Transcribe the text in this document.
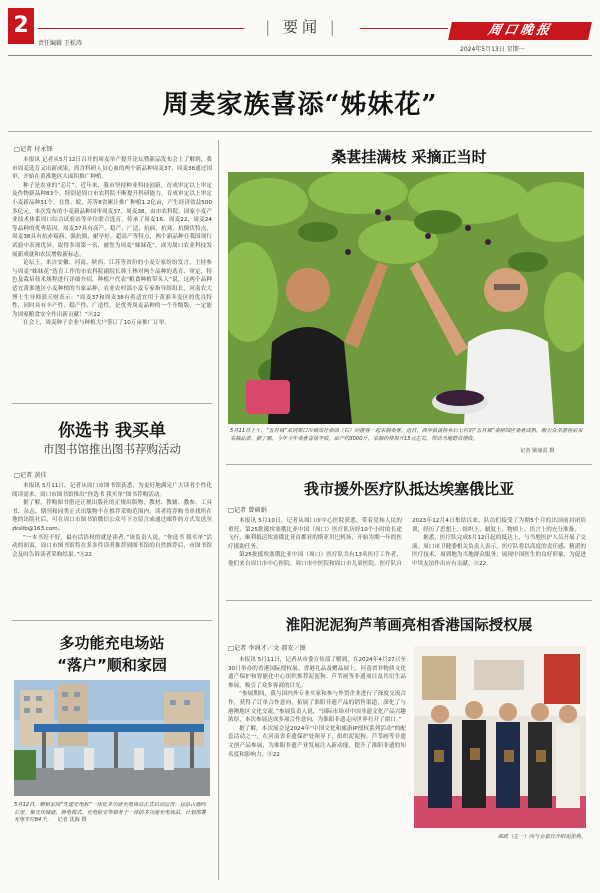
2
责任编辑 王松涛
| 要闻 |	周口晚报
2024年5月13日 星期一
周麦家族喜添“姊妹花”
□记者 付永锋

本报讯 记者从5月12日召开的周麦单产提升论坛暨新品发布会上了解到，我市周麦选育又出新成果，尚含科研人员心血的两个新品种周麦37、周麦38通过国审，开始在黄淮地区大面积推广种植。

种子是农业的“芯片”。近年来，我市坚持种业科技创新，育成审定以上审定及作物新品种83个，特别是周口市农科院不断提升科研能力，育成审定以上审定小麦新品种31个，在鲁、皖、苏等8省累计推广种植1.2亿亩，产生经济效益500多亿元。本次发布的小麦新品种国审周麦37、周麦38，由市农科院、国家小麦产业技术体系周口综合试验站等单位联合选育，传承了周麦16、周麦22、周麦24等品种的优秀基因。周麦37具有高产、稳产、广适、抗病、抗寒、抗倒伏特点，周麦38具有抗赤霉病、强抗倒、耐旱好、超高产等特点，两个新品种在我国现行试验中表现优异，取得多项第一名，被誉为周麦“姊妹花”，成为周口农业科技发展新成就和农民增收新标志。

论坛上，来自安徽、河南、陕西、江苏等省份的小麦专家纷纷发言，主持参与周麦“姊妹花”选育工作的市农科院副院长韩王林对两个品种的选育、审定、特色及栽培技术规程进行详细介绍，种植户代表“粮食种植带头人”说，这两个品种适宜黄淮地区小麦种植的当家品种，农业农村部小麦专家指导组组长、河南农大博士生导师郭天财表示：“周麦37和周麦38有着适宜用于黄淮冬麦区的优良特性，同时具有丰产性、稳产性、广适性，是优秀周麦品种的一个升级版，一定能为国家粮食安全作出新贡献！”Ⓢ22

在会上，周麦种子企业与种植大户签订了10万亩推广订单。

你选书 我买单
市图书馆推出图书荐购活动
□记者 黄佳

本报讯 5月11日，记者从周口市图书馆获悉，为更好地满足广大读者个性化阅读需求，周口市图书馆推出“你选书 我买单”图书荐购活动。

据了解，荐购图书借还正规出版社的正规出版物，教材、教辅、教参、工具书、杂志、期刊和同类正式出版物不在推荐采购范围内。读者将荐购书单找所在地的出版社后，可在周口市图书馆微信公众号下方留言或通过邮件的方式发送至zkslib@163.com。

“一本书好不好，最有话语权的就是读者。”该负责人说，“你选书 我买单”活动的初衷，周口市图书馆将在多多件读者推荐到图书馆的自然推荐后，市图书馆会及时告诉读者采购结果。”Ⓢ22

多功能充电场站
“落户”顺和家园
5月12日，顺和家园“先建充电桩”一体化多功能充电场站正式启动运营。这站占地约公里，集光伏储能、换电模式、充电桩安等服务于一体的多功能充电场站，计划部署充电车位84个。 记者 沈海 摄
桑葚挂满枝 采摘正当时
5月11日上午，“五月城”来到周口市城郊社桑园（右）向游客一起采摘桑葚。近日，西华县黄桥乡后七村的“五月城”桑树园区桑葚成熟，吸引众多游客前来采摘品尝。据了解，今年今年桑葚喜获丰收，亩产约3000斤，采摘价格每斤15元左右，带动当地群众增收。
记者 梁丽雷 摄
我市援外医疗队抵达埃塞俄比亚
□记者 曾硕娟

本报讯 5月10日，记者从周口市中心医院获悉，带着党和人民的重托，第25批援埃塞俄比亚中国（周口）医疗队历经10个小时的长途飞行，顺利抵达埃塞俄比亚首都亚的斯亚贝巴机场，开始为期一年的医疗援助任务。

第25批援埃塞俄比亚中国（周口）医疗队共有13名医疗工作者，他们来自周口市中心医院、周口市中医院和周口市儿童医院。医疗队自2023年12月4日集结以来，队员们接受了为期5个月的出国前封闭培训，经历了思想上、组织上、制度上、物质上、语言上的充分准备。

据悉，医疗队完成5月12日起的抵达上，与当地医护人员开展了交流。周口市卫健委相关负责人表示，医疗队将以高度的责任感、精湛的医疗技术，周到地为当地群众服务，展现中国医生的良好形象，为促进中埃友谊作出应有贡献。Ⓢ22

淮阳泥泥狗芦苇画亮相香港国际授权展
□记者 李润才／文 郝安／图

本报讯 5月11日，记者从市委宣传部了解到，在2024年4月27日至30日举办的香港国际授权展、香港礼品及赠品展上，河南省非物质文化遗产保护和智能化中心组织推荐泥泥狗、芦苇画等非遗项目及其衍生品参展，吸引了众多客商的目光。

“参展期间，我与国内外专业买家和参与外贸企业进行了深度交流合作，获得了订单合作意向，拓展了淮阳非遗产品的销售渠道，深化了与港澳地区文化交流。”参展负责人说，“国际市场对中国非遗文化产品兴趣浓厚，本次参展达成多项合作意向，为淮阳非遗走向世界打开了窗口。”

据了解，本次展会是2024年“中国文化和旅游IP授权系列活动”的配套活动之一，在河南省非遗保护处领导下，组织泥泥狗、芦苇画等非遗文创产品参展，为淮阳非遗产业发展注入新动能，提升了淮阳非遗的知名度和影响力。Ⓢ22

郝政（左一）向与会嘉宾介绍泥泥狗。
